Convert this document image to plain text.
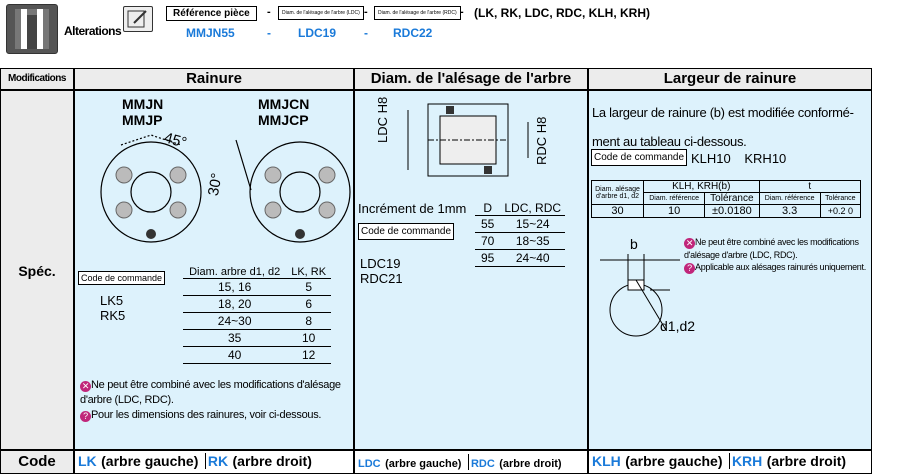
Alterations
Référence pièce	-	Diam. de l'alésage de l'arbre (LDC) -	Diam. de l'alésage de l'arbre (RDC) - (LK, RK, LDC, RDC, KLH, KRH)
MMJN55	- LDC19 - RDC22
Modifications	Rainure	Diam. de l'alésage de l'arbre	Largeur de rainure
Spéc.
MMJN
MMJP
MMJCN
MMJCP
45°
30°
Code de commande
LK5
RK5
Diam. arbre d1, d2	LK, RK
15, 16	5
18, 20	6
24~30	8
35	10
40	12
✕ Ne peut être combiné avec les modifications d'alésage d'arbre (LDC, RDC).
? Pour les dimensions des rainures, voir ci-dessous.
LDC H8	RDC H8
Incrément de 1mm
Code de commande
LDC19
RDC21
D	LDC, RDC
55	15~24
70	18~35
95	24~40
La largeur de rainure (b) est modifiée conformé-
ment au tableau ci-dessous.
Code de commande KLH10 KRH10
Diam. alésage d'arbre d1, d2	KLH, KRH(b)		t	
	Diam. référence	Tolérance	Diam. référence	Tolérance
30	10	±0.0180	3.3	+0.2 0
b
d1,d2
✕ Ne peut être combiné avec les modifications d'alésage d'arbre (LDC, RDC).
? Applicable aux alésages rainurés uniquement.
Code	LK (arbre gauche) RK (arbre droit)	LDC (arbre gauche) RDC (arbre droit)	KLH (arbre gauche) KRH (arbre droit)
